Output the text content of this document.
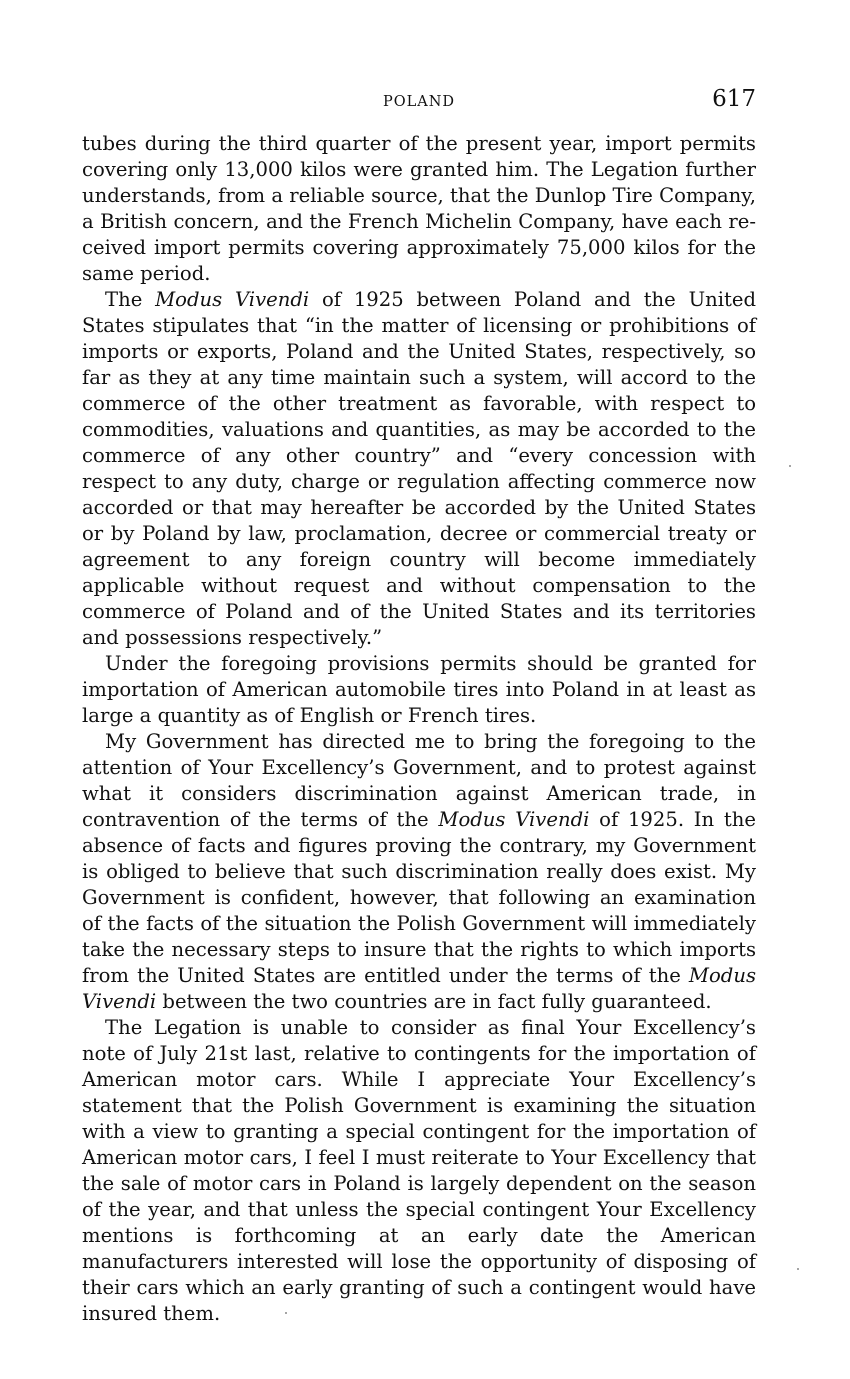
POLAND	617

tubes during the third quarter of the present year, import permits covering only 13,000 kilos were granted him. The Legation further understands, from a reliable source, that the Dunlop Tire Company, a British concern, and the French Michelin Company, have each received import permits covering approximately 75,000 kilos for the same period.

The Modus Vivendi of 1925 between Poland and the United States stipulates that “in the matter of licensing or prohibitions of imports or exports, Poland and the United States, respectively, so far as they at any time maintain such a system, will accord to the commerce of the other treatment as favorable, with respect to commodities, valuations and quantities, as may be accorded to the commerce of any other country” and “every concession with respect to any duty, charge or regulation affecting commerce now accorded or that may hereafter be accorded by the United States or by Poland by law, proclamation, decree or commercial treaty or agreement to any foreign country will become immediately applicable without request and without compensation to the commerce of Poland and of the United States and its territories and possessions respectively.”

Under the foregoing provisions permits should be granted for importation of American automobile tires into Poland in at least as large a quantity as of English or French tires.

My Government has directed me to bring the foregoing to the attention of Your Excellency’s Government, and to protest against what it considers discrimination against American trade, in contravention of the terms of the Modus Vivendi of 1925. In the absence of facts and figures proving the contrary, my Government is obliged to believe that such discrimination really does exist. My Government is confident, however, that following an examination of the facts of the situation the Polish Government will immediately take the necessary steps to insure that the rights to which imports from the United States are entitled under the terms of the Modus Vivendi between the two countries are in fact fully guaranteed.

The Legation is unable to consider as final Your Excellency’s note of July 21st last, relative to contingents for the importation of American motor cars. While I appreciate Your Excellency’s statement that the Polish Government is examining the situation with a view to granting a special contingent for the importation of American motor cars, I feel I must reiterate to Your Excellency that the sale of motor cars in Poland is largely dependent on the season of the year, and that unless the special contingent Your Excellency mentions is forthcoming at an early date the American manufacturers interested will lose the opportunity of disposing of their cars which an early granting of such a contingent would have insured them.
